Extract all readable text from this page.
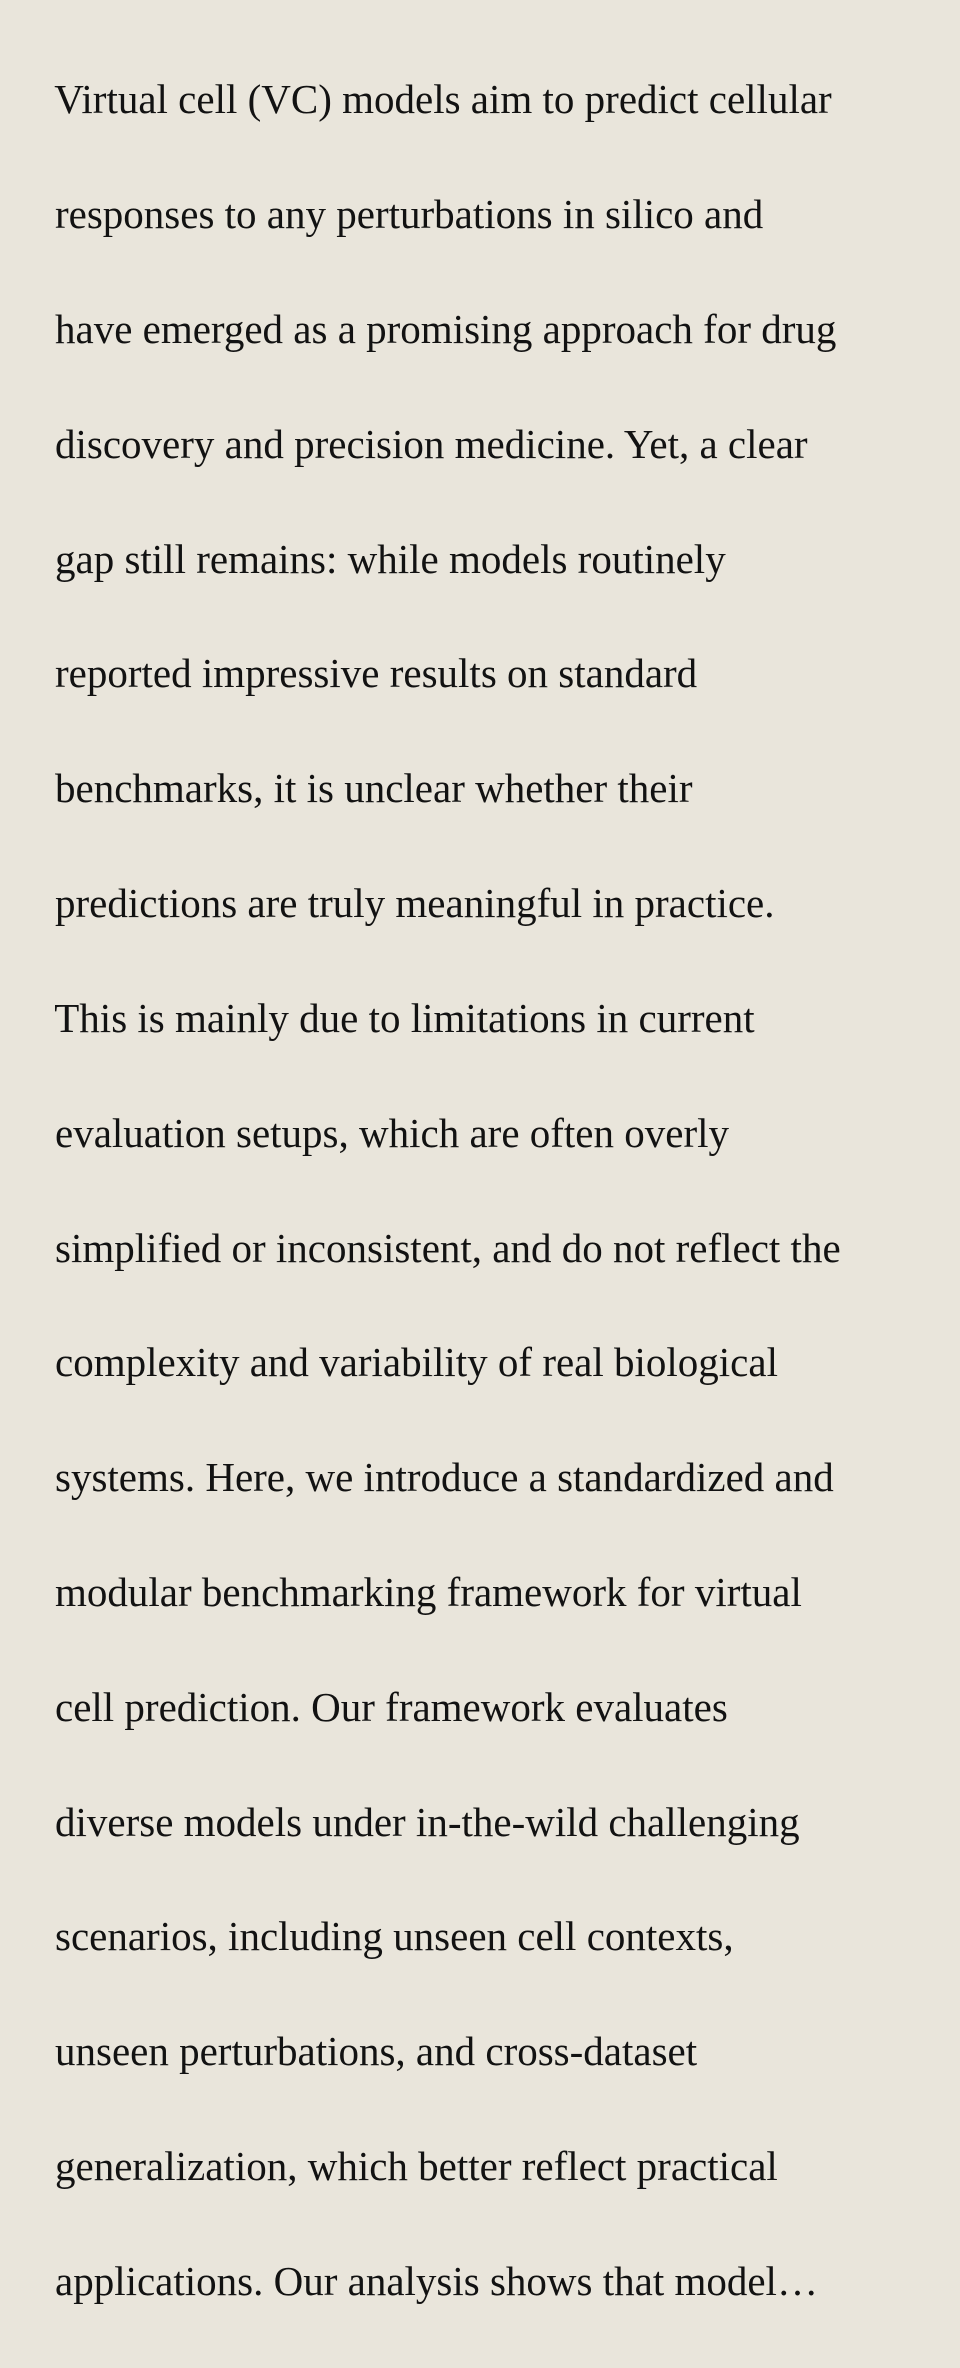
Virtual cell (VC) models aim to predict cellular

responses to any perturbations in silico and

have emerged as a promising approach for drug

discovery and precision medicine. Yet, a clear

gap still remains: while models routinely

reported impressive results on standard

benchmarks, it is unclear whether their

predictions are truly meaningful in practice.

This is mainly due to limitations in current

evaluation setups, which are often overly

simplified or inconsistent, and do not reflect the

complexity and variability of real biological

systems. Here, we introduce a standardized and

modular benchmarking framework for virtual

cell prediction. Our framework evaluates

diverse models under in-the-wild challenging

scenarios, including unseen cell contexts,

unseen perturbations, and cross-dataset

generalization, which better reflect practical

applications. Our analysis shows that model…
